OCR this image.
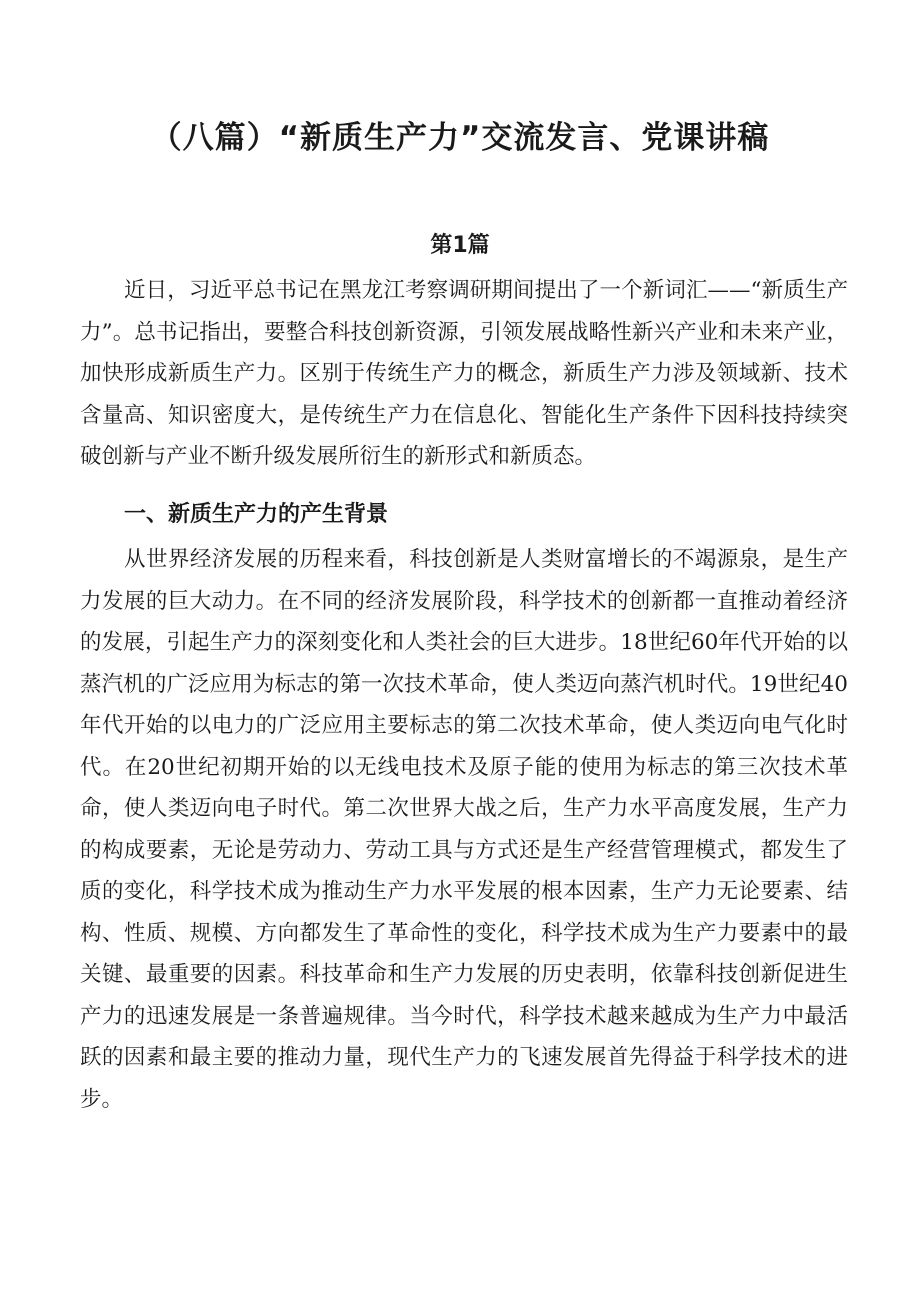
（八篇）“新质生产力”交流发言、党课讲稿
第1篇

近日，习近平总书记在黑龙江考察调研期间提出了一个新词汇——“新质生产力”。总书记指出，要整合科技创新资源，引领发展战略性新兴产业和未来产业，加快形成新质生产力。区别于传统生产力的概念，新质生产力涉及领域新、技术含量高、知识密度大，是传统生产力在信息化、智能化生产条件下因科技持续突破创新与产业不断升级发展所衍生的新形式和新质态。

一、新质生产力的产生背景

从世界经济发展的历程来看，科技创新是人类财富增长的不竭源泉，是生产力发展的巨大动力。在不同的经济发展阶段，科学技术的创新都一直推动着经济的发展，引起生产力的深刻变化和人类社会的巨大进步。18世纪60年代开始的以蒸汽机的广泛应用为标志的第一次技术革命，使人类迈向蒸汽机时代。19世纪40年代开始的以电力的广泛应用主要标志的第二次技术革命，使人类迈向电气化时代。在20世纪初期开始的以无线电技术及原子能的使用为标志的第三次技术革命，使人类迈向电子时代。第二次世界大战之后，生产力水平高度发展，生产力的构成要素，无论是劳动力、劳动工具与方式还是生产经营管理模式，都发生了质的变化，科学技术成为推动生产力水平发展的根本因素，生产力无论要素、结构、性质、规模、方向都发生了革命性的变化，科学技术成为生产力要素中的最关键、最重要的因素。科技革命和生产力发展的历史表明，依靠科技创新促进生产力的迅速发展是一条普遍规律。当今时代，科学技术越来越成为生产力中最活跃的因素和最主要的推动力量，现代生产力的飞速发展首先得益于科学技术的进步。
